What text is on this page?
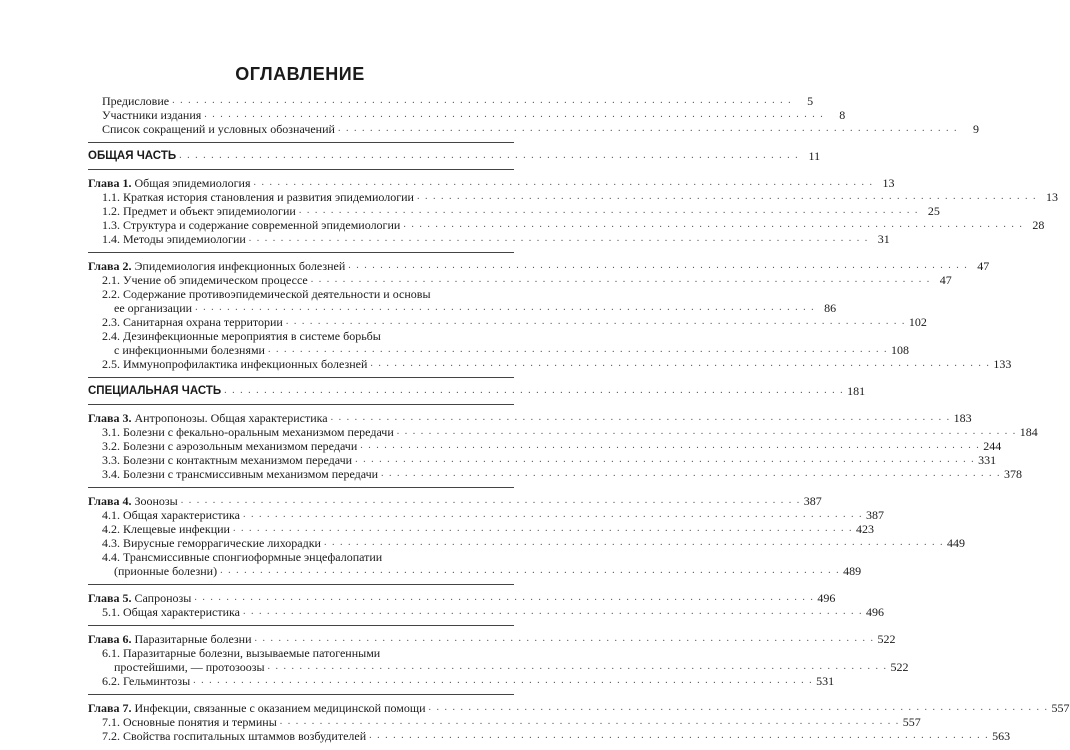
ОГЛАВЛЕНИЕ
Предисловие . . . . . . . . . . . . . . . . . . . . . . . . . . . . . . . . . . . . . . . . . . . . . . . . . . . . . . . . . . . . . . . . . . . . . . . . . . . . . .	5
Участники издания . . . . . . . . . . . . . . . . . . . . . . . . . . . . . . . . . . . . . . . . . . . . . . . . . . . . . . . . . . . . . . . . . . . . . . . . . . . . . .	8
Список сокращений и условных обозначений . . . . . . . . . . . . . . . . . . . . . . . . . . . . . . . . . . . . . . . . . . . . . . . . . . . . . . . . . . . . . . . . . . . . . . . . . . . . . .	9
ОБЩАЯ ЧАСТЬ . . . . . . . . . . . . . . . . . . . . . . . . . . . . . . . . . . . . . . . . . . . . . . . . . . . . . . . . . . . . . . . . . . . . . . . . . . . . . . 11
Глава 1. Общая эпидемиология . . . . . . . . . . . . . . . . . . . . . . . . . . . . . . . . . . . . . . . . . . . . . . . . . . . . . . . . . . . . . . . . . . . . . . . . . . . . . . 13
1.1. Краткая история становления и развития эпидемиологии . . . . . . . . . . . . . . . . . . . . . . . . . . . . . . . . . . . . . . . . . . . . . . . . . . . . . . . . . . . . . . . . . . . . . . . . . . . . . . 13
1.2. Предмет и объект эпидемиологии . . . . . . . . . . . . . . . . . . . . . . . . . . . . . . . . . . . . . . . . . . . . . . . . . . . . . . . . . . . . . . . . . . . . . . . . . . . . . . 25
1.3. Структура и содержание современной эпидемиологии . . . . . . . . . . . . . . . . . . . . . . . . . . . . . . . . . . . . . . . . . . . . . . . . . . . . . . . . . . . . . . . . . . . . . . . . . . . . . . 28
1.4. Методы эпидемиологии . . . . . . . . . . . . . . . . . . . . . . . . . . . . . . . . . . . . . . . . . . . . . . . . . . . . . . . . . . . . . . . . . . . . . . . . . . . . . . 31
Глава 2. Эпидемиология инфекционных болезней . . . . . . . . . . . . . . . . . . . . . . . . . . . . . . . . . . . . . . . . . . . . . . . . . . . . . . . . . . . . . . . . . . . . . . . . . . . . . . 47
2.1. Учение об эпидемическом процессе . . . . . . . . . . . . . . . . . . . . . . . . . . . . . . . . . . . . . . . . . . . . . . . . . . . . . . . . . . . . . . . . . . . . . . . . . . . . . . 47
2.2. Содержание противоэпидемической деятельности и основы
ее организации . . . . . . . . . . . . . . . . . . . . . . . . . . . . . . . . . . . . . . . . . . . . . . . . . . . . . . . . . . . . . . . . . . . . . . . . . . . . . . 86
2.3. Санитарная охрана территории . . . . . . . . . . . . . . . . . . . . . . . . . . . . . . . . . . . . . . . . . . . . . . . . . . . . . . . . . . . . . . . . . . . . . . . . . . . . . . 102
2.4. Дезинфекционные мероприятия в системе борьбы
с инфекционными болезнями . . . . . . . . . . . . . . . . . . . . . . . . . . . . . . . . . . . . . . . . . . . . . . . . . . . . . . . . . . . . . . . . . . . . . . . . . . . . . . 108
2.5. Иммунопрофилактика инфекционных болезней . . . . . . . . . . . . . . . . . . . . . . . . . . . . . . . . . . . . . . . . . . . . . . . . . . . . . . . . . . . . . . . . . . . . . . . . . . . . . . 133
СПЕЦИАЛЬНАЯ ЧАСТЬ . . . . . . . . . . . . . . . . . . . . . . . . . . . . . . . . . . . . . . . . . . . . . . . . . . . . . . . . . . . . . . . . . . . . . . . . . . . . . . 181
Глава 3. Антропонозы. Общая характеристика . . . . . . . . . . . . . . . . . . . . . . . . . . . . . . . . . . . . . . . . . . . . . . . . . . . . . . . . . . . . . . . . . . . . . . . . . . . . . . 183
3.1. Болезни с фекально-оральным механизмом передачи . . . . . . . . . . . . . . . . . . . . . . . . . . . . . . . . . . . . . . . . . . . . . . . . . . . . . . . . . . . . . . . . . . . . . . . . . . . . . . 184
3.2. Болезни с аэрозольным механизмом передачи . . . . . . . . . . . . . . . . . . . . . . . . . . . . . . . . . . . . . . . . . . . . . . . . . . . . . . . . . . . . . . . . . . . . . . . . . . . . . . 244
3.3. Болезни с контактным механизмом передачи . . . . . . . . . . . . . . . . . . . . . . . . . . . . . . . . . . . . . . . . . . . . . . . . . . . . . . . . . . . . . . . . . . . . . . . . . . . . . . 331
3.4. Болезни с трансмиссивным механизмом передачи . . . . . . . . . . . . . . . . . . . . . . . . . . . . . . . . . . . . . . . . . . . . . . . . . . . . . . . . . . . . . . . . . . . . . . . . . . . . . . 378
Глава 4. Зоонозы . . . . . . . . . . . . . . . . . . . . . . . . . . . . . . . . . . . . . . . . . . . . . . . . . . . . . . . . . . . . . . . . . . . . . . . . . . . . . . 387
4.1. Общая характеристика . . . . . . . . . . . . . . . . . . . . . . . . . . . . . . . . . . . . . . . . . . . . . . . . . . . . . . . . . . . . . . . . . . . . . . . . . . . . . . 387
4.2. Клещевые инфекции . . . . . . . . . . . . . . . . . . . . . . . . . . . . . . . . . . . . . . . . . . . . . . . . . . . . . . . . . . . . . . . . . . . . . . . . . . . . . . 423
4.3. Вирусные геморрагические лихорадки . . . . . . . . . . . . . . . . . . . . . . . . . . . . . . . . . . . . . . . . . . . . . . . . . . . . . . . . . . . . . . . . . . . . . . . . . . . . . . 449
4.4. Трансмиссивные спонгиоформные энцефалопатии
(прионные болезни) . . . . . . . . . . . . . . . . . . . . . . . . . . . . . . . . . . . . . . . . . . . . . . . . . . . . . . . . . . . . . . . . . . . . . . . . . . . . . . 489
Глава 5. Сапронозы . . . . . . . . . . . . . . . . . . . . . . . . . . . . . . . . . . . . . . . . . . . . . . . . . . . . . . . . . . . . . . . . . . . . . . . . . . . . . . 496
5.1. Общая характеристика . . . . . . . . . . . . . . . . . . . . . . . . . . . . . . . . . . . . . . . . . . . . . . . . . . . . . . . . . . . . . . . . . . . . . . . . . . . . . . 496
Глава 6. Паразитарные болезни . . . . . . . . . . . . . . . . . . . . . . . . . . . . . . . . . . . . . . . . . . . . . . . . . . . . . . . . . . . . . . . . . . . . . . . . . . . . . . 522
6.1. Паразитарные болезни, вызываемые патогенными
простейшими, — протозоозы . . . . . . . . . . . . . . . . . . . . . . . . . . . . . . . . . . . . . . . . . . . . . . . . . . . . . . . . . . . . . . . . . . . . . . . . . . . . . . 522
6.2. Гельминтозы . . . . . . . . . . . . . . . . . . . . . . . . . . . . . . . . . . . . . . . . . . . . . . . . . . . . . . . . . . . . . . . . . . . . . . . . . . . . . . 531
Глава 7. Инфекции, связанные с оказанием медицинской помощи . . . . . . . . . . . . . . . . . . . . . . . . . . . . . . . . . . . . . . . . . . . . . . . . . . . . . . . . . . . . . . . . . . . . . . . . . . . . . . 557
7.1. Основные понятия и термины . . . . . . . . . . . . . . . . . . . . . . . . . . . . . . . . . . . . . . . . . . . . . . . . . . . . . . . . . . . . . . . . . . . . . . . . . . . . . . 557
7.2. Свойства госпитальных штаммов возбудителей . . . . . . . . . . . . . . . . . . . . . . . . . . . . . . . . . . . . . . . . . . . . . . . . . . . . . . . . . . . . . . . . . . . . . . . . . . . . . . 563
